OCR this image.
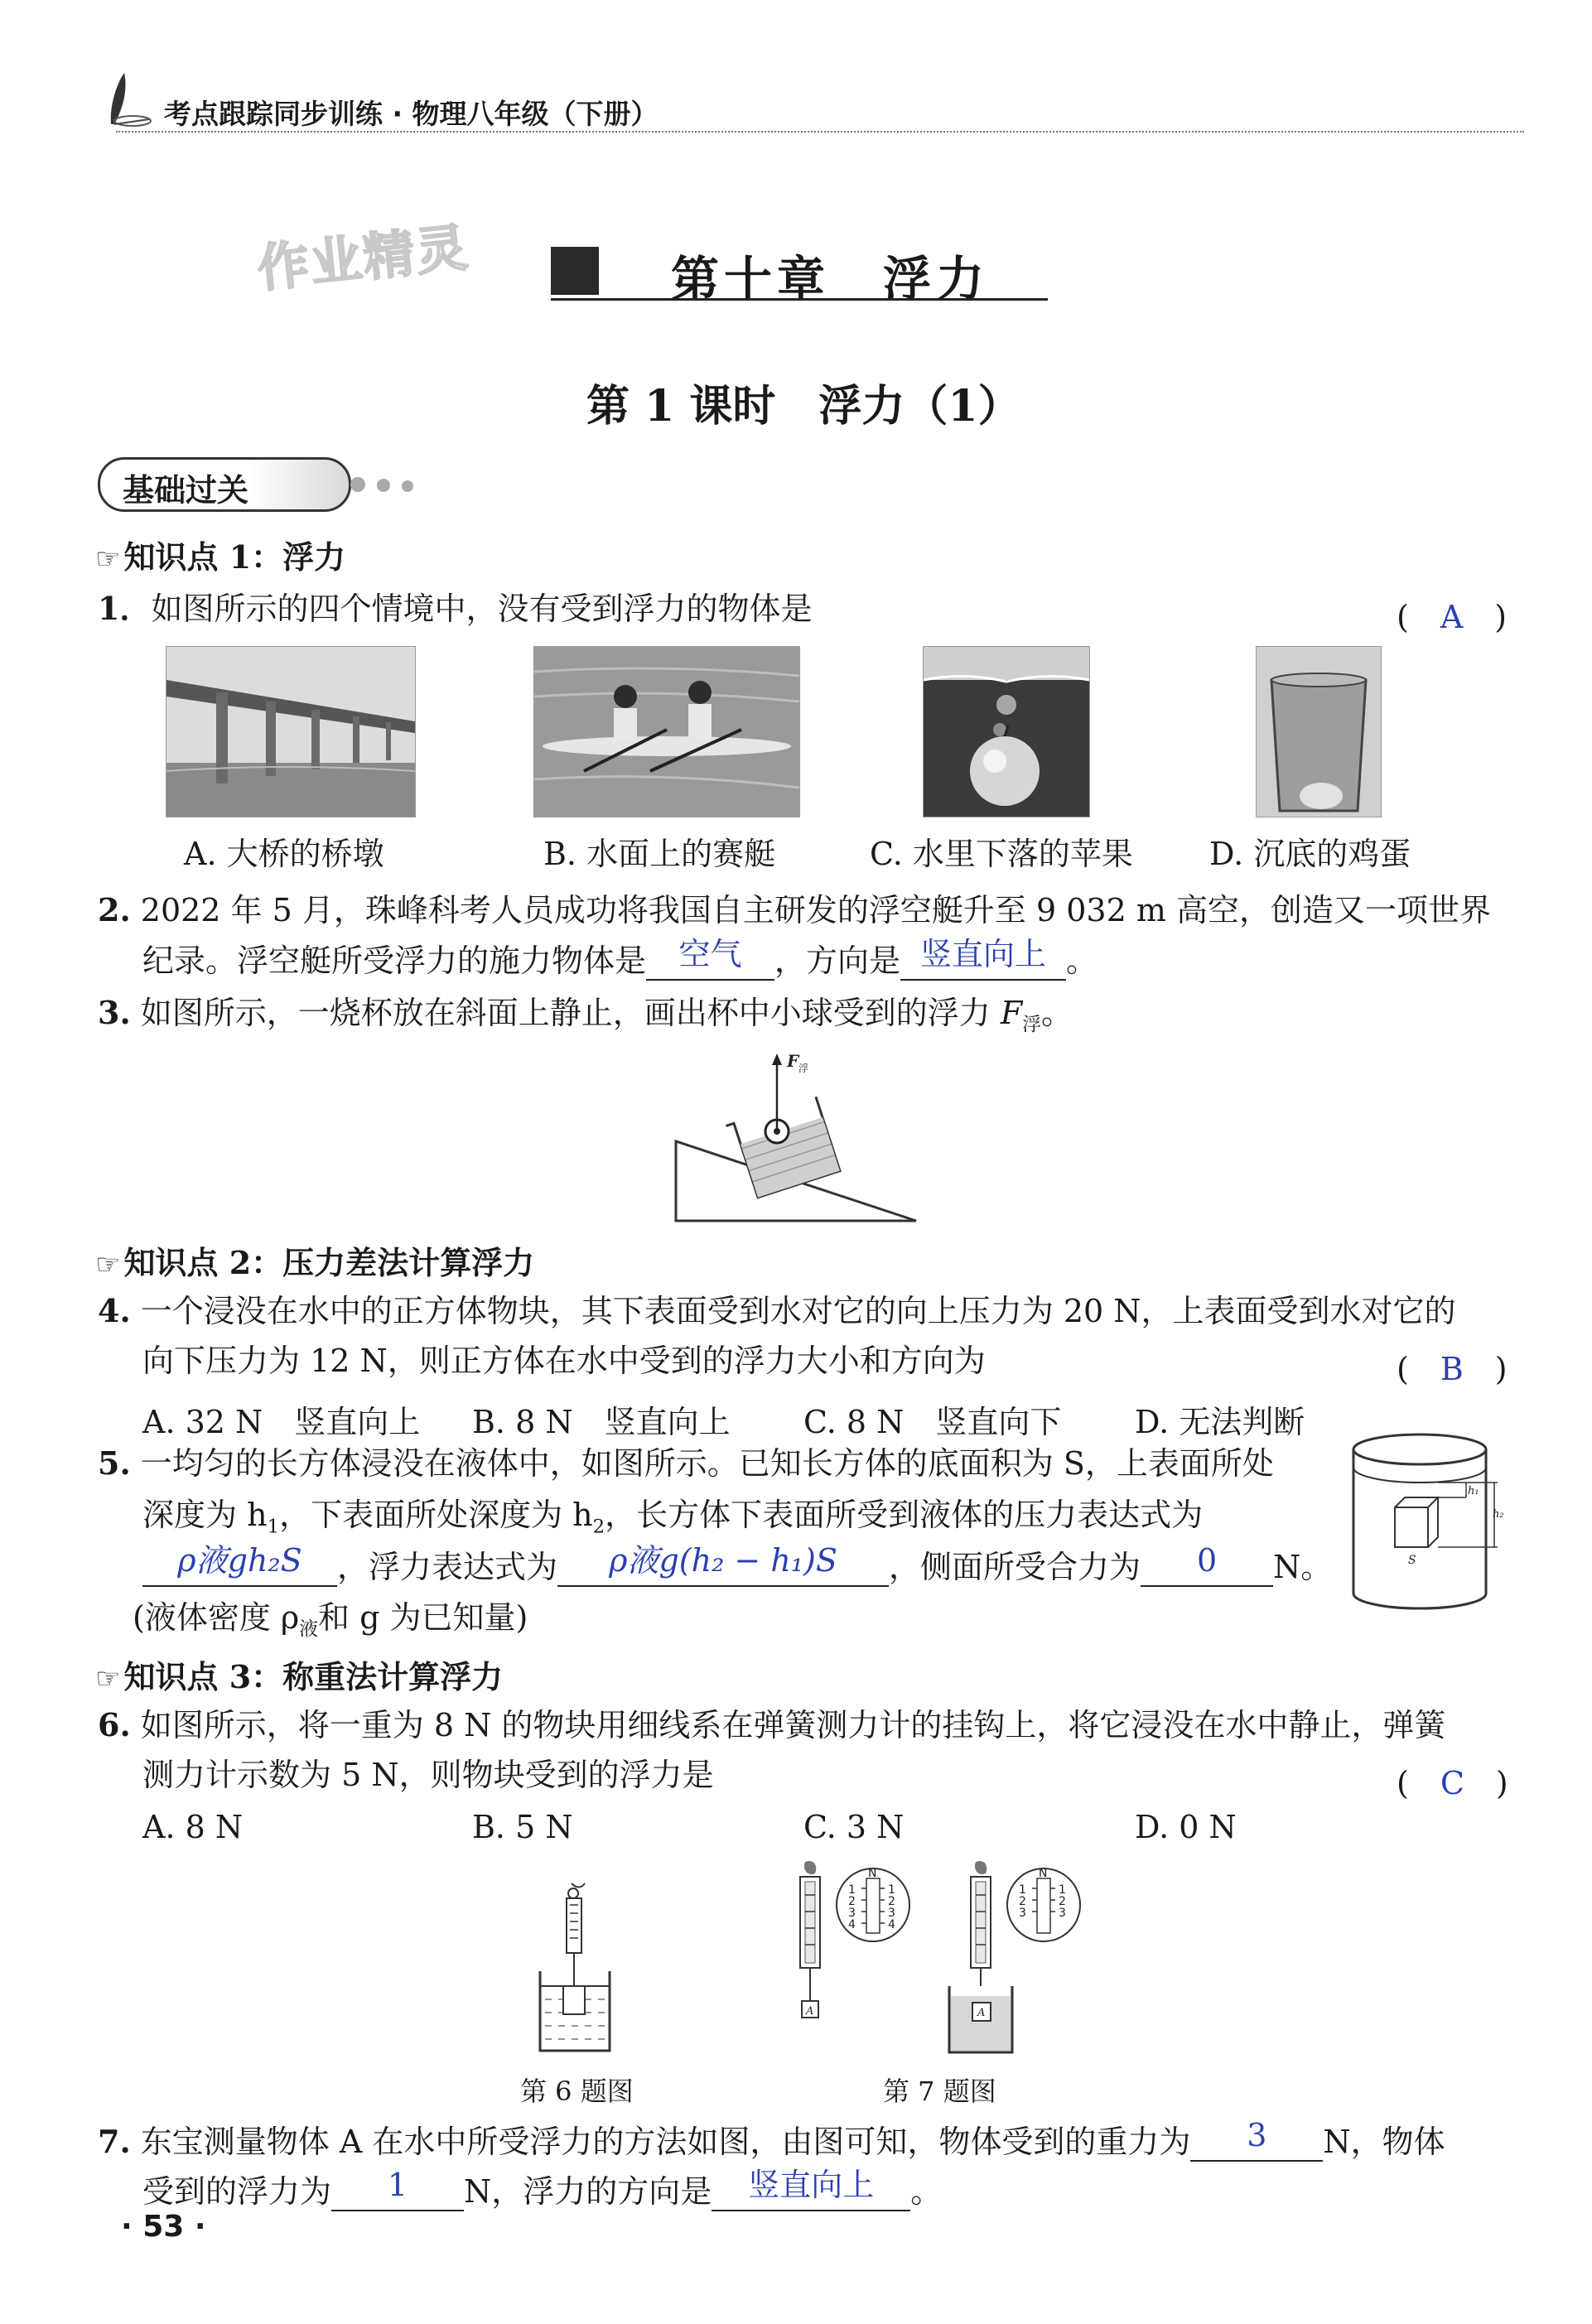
考点跟踪同步训练 · 物理八年级（下册）
作业精灵	第十章　浮力
第 1 课时　浮力（1）
基础过关
☞ 知识点 1：浮力
1．如图所示的四个情境中，没有受到浮力的物体是	(　A　)
A. 大桥的桥墩	B. 水面上的赛艇	C. 水里下落的苹果 D. 沉底的鸡蛋
2. 2022 年 5 月，珠峰科考人员成功将我国自主研发的浮空艇升至 9 032 m 高空，创造又一项世界
纪录。浮空艇所受浮力的施力物体是 空气 ，方向是 竖直向上 。
3. 如图所示，一烧杯放在斜面上静止，画出杯中小球受到的浮力 $F_浮$。
F 浮
☞ 知识点 2：压力差法计算浮力
4. 一个浸没在水中的正方体物块，其下表面受到水对它的向上压力为 20 N，上表面受到水对它的
向下压力为 12 N，则正方体在水中受到的浮力大小和方向为	(　B　)
A. 32 N　竖直向上 B. 8 N　竖直向上 C. 8 N　竖直向下 D. 无法判断
5. 一均匀的长方体浸没在液体中，如图所示。已知长方体的底面积为 S，上表面所处
深度为 $h_1$，下表面所处深度为 $h_2$，长方体下表面所受到液体的压力表达式为
ρ液gh₂S ，浮力表达式为 ρ液g(h₂ − h₁)S ，侧面所受合力为 0 N。
(液体密度 $\rho_液$和 g 为已知量)
h₁
h₂
S
☞ 知识点 3：称重法计算浮力
6. 如图所示，将一重为 8 N 的物块用细线系在弹簧测力计的挂钩上，将它浸没在水中静止，弹簧
测力计示数为 5 N，则物块受到的浮力是	(　C　)
A. 8 N	B. 5 N	C. 3 N	D. 0 N
第 6 题图
A
N
1
2
3
4
1
2
3
4
A
N
1
2
3
1
2
3
第 7 题图
7. 东宝测量物体 A 在水中所受浮力的方法如图，由图可知，物体受到的重力为 3 N，物体
受到的浮力为 1 N，浮力的方向是 竖直向上 。
· 53 ·
